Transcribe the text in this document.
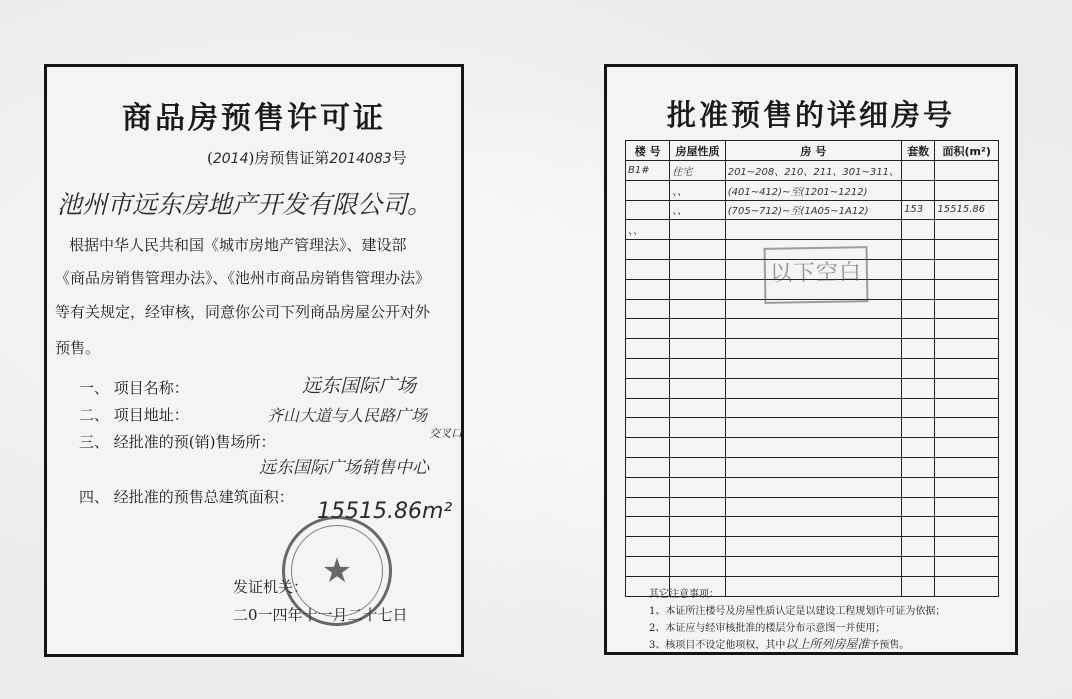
商品房预售许可证
(2014)房预售证第2014083号
池州市远东房地产开发有限公司。
根据中华人民共和国《城市房地产管理法》、建设部
《商品房销售管理办法》、《池州市商品房销售管理办法》
等有关规定，经审核，同意你公司下列商品房屋公开对外
预售。
一、 项目名称：	远东国际广场
二、 项目地址：	齐山大道与人民路广场
交叉口
三、 经批准的预(销)售场所：
远东国际广场销售中心
四、 经批准的预售总建筑面积：
15515.86m²
发证机关：
二0一四年十一月二十七日
★
批准预售的详细房号
楼 号	房屋性质	房 号	套数	面积(m²)
B1#	住宅	201~208、210、211、301~311、		
	、、	(401~412)~至(1201~1212)		
	、、	(705~712)~至(1A05~1A12)	153	15515.86
、、				

其它注意事项：
1、本证所注楼号及房屋性质认定是以建设工程规划许可证为依据；
2、本证应与经审核批准的楼层分布示意图一并使用；
3、核项目不设定他项权，其中以上所列房屋准予预售。
以下空白
